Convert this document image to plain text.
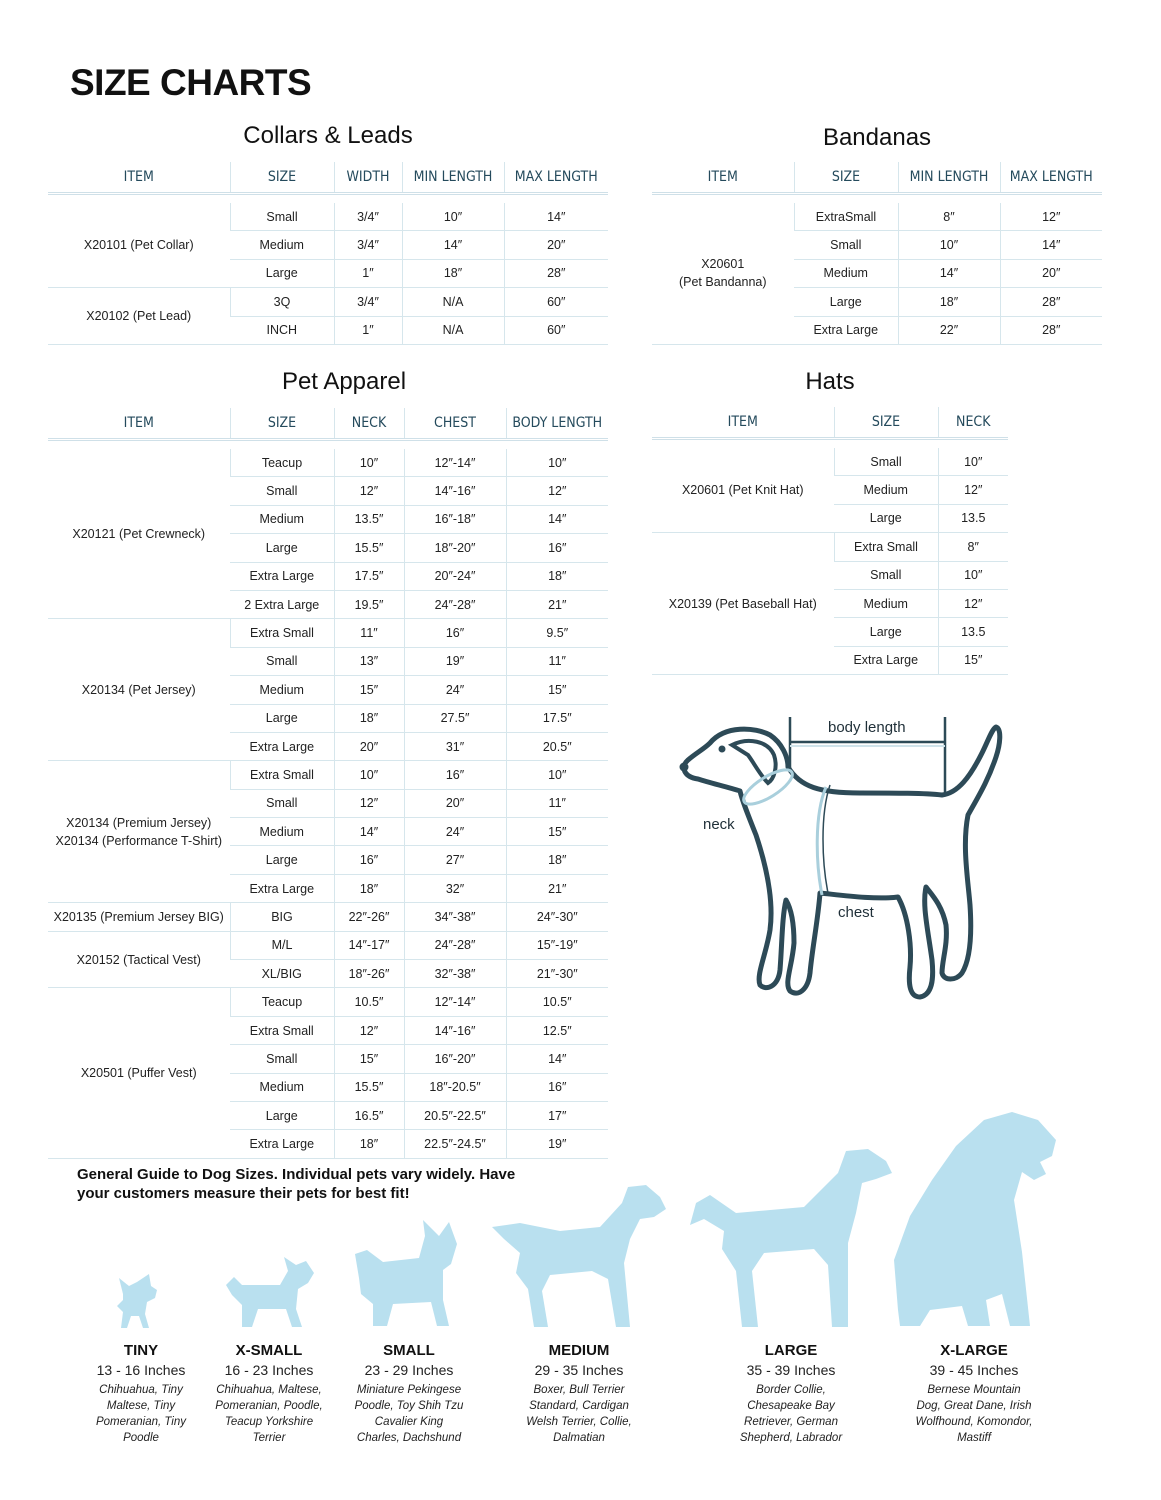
SIZE CHARTS
Collars & Leads
ITEM	SIZE	WIDTH	MIN LENGTH	MAX LENGTH

X20101 (Pet Collar)	Small	3/4″	10″	14″
	Medium	3/4″	14″	20″
	Large	1″	18″	28″
X20102 (Pet Lead)	3Q	3/4″	N/A	60″
	INCH	1″	N/A	60″
Bandanas
ITEM	SIZE	MIN LENGTH	MAX LENGTH

X20601
(Pet Bandanna)	ExtraSmall	8″	12″
	Small	10″	14″
	Medium	14″	20″
	Large	18″	28″
	Extra Large	22″	28″
Pet Apparel
ITEM	SIZE	NECK	CHEST	BODY LENGTH

X20121 (Pet Crewneck)	Teacup	10″	12″-14″	10″
	Small	12″	14″-16″	12″
	Medium	13.5″	16″-18″	14″
	Large	15.5″	18″-20″	16″
	Extra Large	17.5″	20″-24″	18″
	2 Extra Large	19.5″	24″-28″	21″
X20134 (Pet Jersey)	Extra Small	11″	16″	9.5″
	Small	13″	19″	11″
	Medium	15″	24″	15″
	Large	18″	27.5″	17.5″
	Extra Large	20″	31″	20.5″
X20134 (Premium Jersey)
X20134 (Performance T-Shirt)	Extra Small	10″	16″	10″
	Small	12″	20″	11″
	Medium	14″	24″	15″
	Large	16″	27″	18″
	Extra Large	18″	32″	21″
X20135 (Premium Jersey BIG)	BIG	22″-26″	34″-38″	24″-30″
X20152 (Tactical Vest)	M/L	14″-17″	24″-28″	15″-19″
	XL/BIG	18″-26″	32″-38″	21″-30″
X20501 (Puffer Vest)	Teacup	10.5″	12″-14″	10.5″
	Extra Small	12″	14″-16″	12.5″
	Small	15″	16″-20″	14″
	Medium	15.5″	18″-20.5″	16″
	Large	16.5″	20.5″-22.5″	17″
	Extra Large	18″	22.5″-24.5″	19″
Hats
ITEM	SIZE	NECK

X20601 (Pet Knit Hat)	Small	10″
	Medium	12″
	Large	13.5
X20139 (Pet Baseball Hat)	Extra Small	8″
	Small	10″
	Medium	12″
	Large	13.5
	Extra Large	15″
body length
neck
chest
General Guide to Dog Sizes. Individual pets vary widely. Have your customers measure their pets for best fit!
TINY
13 - 16 Inches
Chihuahua, Tiny
Maltese, Tiny
Pomeranian, Tiny
Poodle
X-SMALL
16 - 23 Inches
Chihuahua, Maltese,
Pomeranian, Poodle,
Teacup Yorkshire
Terrier
SMALL
23 - 29 Inches
Miniature Pekingese
Poodle, Toy Shih Tzu
Cavalier King
Charles, Dachshund
MEDIUM
29 - 35 Inches
Boxer, Bull Terrier
Standard, Cardigan
Welsh Terrier, Collie,
Dalmatian
LARGE
35 - 39 Inches
Border Collie,
Chesapeake Bay
Retriever, German
Shepherd, Labrador
X-LARGE
39 - 45 Inches
Bernese Mountain
Dog, Great Dane, Irish
Wolfhound, Komondor,
Mastiff
